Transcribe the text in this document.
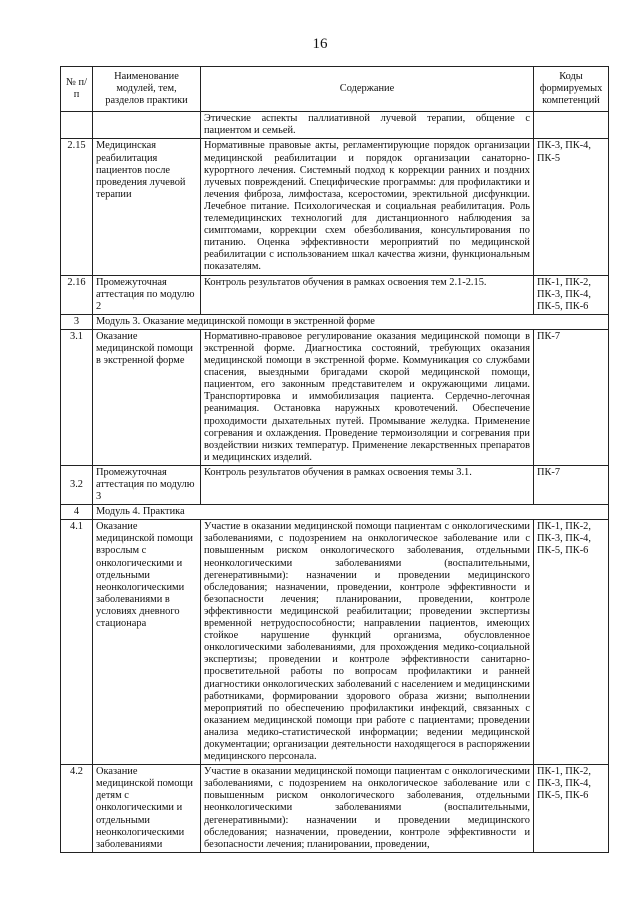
16
№ п/п	Наименование модулей, тем, разделов практики	Содержание	Коды формируемых компетенций
		Этические аспекты паллиативной лучевой терапии, общение с пациентом и семьей.	
2.15	Медицинская реабилитация пациентов после проведения лучевой терапии	Нормативные правовые акты, регламентирующие порядок организации медицинской реабилитации и порядок организации санаторно-курортного лечения. Системный подход к коррекции ранних и поздних лучевых повреждений. Специфические программы: для профилактики и лечения фиброза, лимфостаза, ксеростомии, эректильной дисфункции. Лечебное питание. Психологическая и социальная реабилитация. Роль телемедицинских технологий для дистанционного наблюдения за симптомами, коррекции схем обезболивания, консультирования по питанию. Оценка эффективности мероприятий по медицинской реабилитации с использованием шкал качества жизни, функциональным показателям.	ПК-3, ПК-4, ПК-5
2.16	Промежуточная аттестация по модулю 2	Контроль результатов обучения в рамках освоения тем 2.1-2.15.	ПК-1, ПК-2, ПК-3, ПК-4, ПК-5, ПК-6
3	Модуль 3. Оказание медицинской помощи в экстренной форме		
3.1	Оказание медицинской помощи в экстренной форме	Нормативно-правовое регулирование оказания медицинской помощи в экстренной форме. Диагностика состояний, требующих оказания медицинской помощи в экстренной форме. Коммуникация со службами спасения, выездными бригадами скорой медицинской помощи, пациентом, его законным представителем и окружающими лицами. Транспортировка и иммобилизация пациента. Сердечно-легочная реанимация. Остановка наружных кровотечений. Обеспечение проходимости дыхательных путей. Промывание желудка. Применение согревания и охлаждения. Проведение термоизоляции и согревания при воздействии низких температур. Применение лекарственных препаратов и медицинских изделий.	ПК-7
3.2	Промежуточная аттестация по модулю 3	Контроль результатов обучения в рамках освоения темы 3.1.	ПК-7
4	Модуль 4. Практика		
4.1	Оказание медицинской помощи взрослым с онкологическими и отдельными неонкологическими заболеваниями в условиях дневного стационара	Участие в оказании медицинской помощи пациентам с онкологическими заболеваниями, с подозрением на онкологическое заболевание или с повышенным риском онкологического заболевания, отдельными неонкологическими заболеваниями (воспалительными, дегенеративными): назначении и проведении медицинского обследования; назначении, проведении, контроле эффективности и безопасности лечения; планировании, проведении, контроле эффективности медицинской реабилитации; проведении экспертизы временной нетрудоспособности; направлении пациентов, имеющих стойкое нарушение функций организма, обусловленное онкологическими заболеваниями, для прохождения медико-социальной экспертизы; проведении и контроле эффективности санитарно-просветительной работы по вопросам профилактики и ранней диагностики онкологических заболеваний с населением и медицинскими работниками, формировании здорового образа жизни; выполнении мероприятий по обеспечению профилактики инфекций, связанных с оказанием медицинской помощи при работе с пациентами; проведении анализа медико-статистической информации; ведении медицинской документации; организации деятельности находящегося в распоряжении медицинского персонала.	ПК-1, ПК-2, ПК-3, ПК-4, ПК-5, ПК-6
4.2	Оказание медицинской помощи детям с онкологическими и отдельными неонкологическими заболеваниями	Участие в оказании медицинской помощи пациентам с онкологическими заболеваниями, с подозрением на онкологическое заболевание или с повышенным риском онкологического заболевания, отдельными неонкологическими заболеваниями (воспалительными, дегенеративными): назначении и проведении медицинского обследования; назначении, проведении, контроле эффективности и безопасности лечения; планировании, проведении,	ПК-1, ПК-2, ПК-3, ПК-4, ПК-5, ПК-6
